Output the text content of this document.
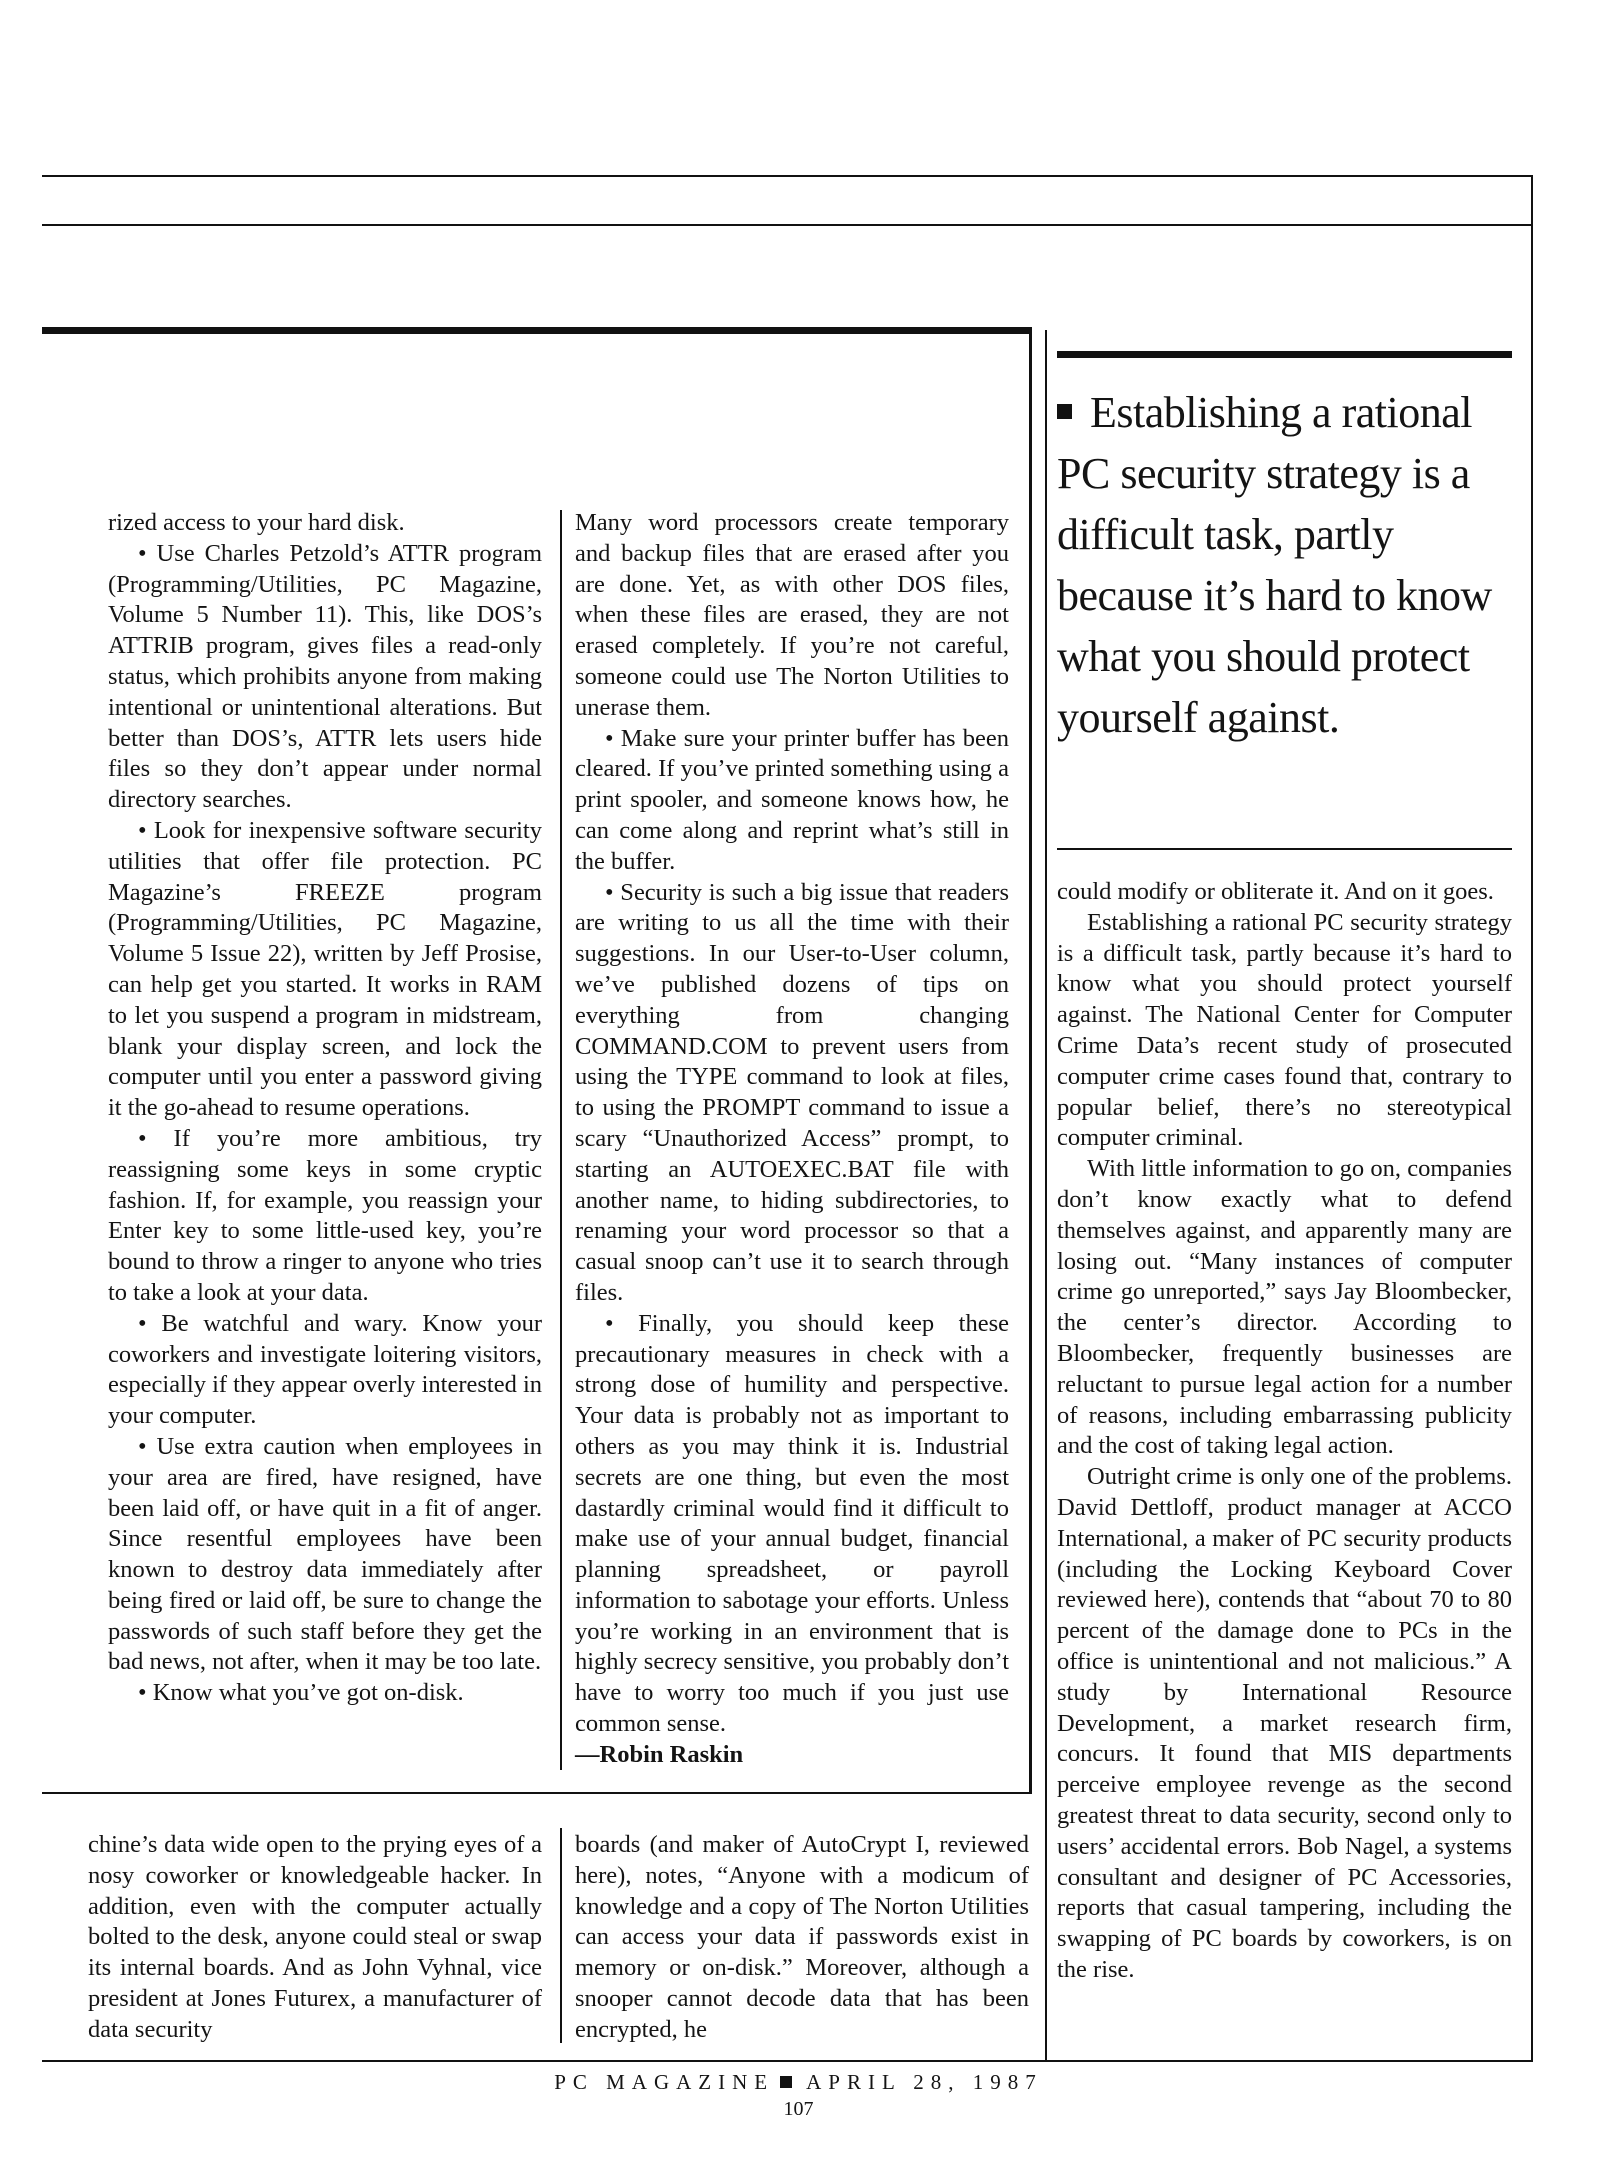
Establishing a rational PC security strategy is a difficult task, partly because it’s hard to know what you should protect yourself against.

rized access to your hard disk.

• Use Charles Petzold’s ATTR program (Programming/Utilities, PC Magazine, Volume 5 Number 11). This, like DOS’s ATTRIB program, gives files a read-only status, which prohibits anyone from making intentional or unintentional alterations. But better than DOS’s, ATTR lets users hide files so they don’t appear under normal directory searches.

• Look for inexpensive software security utilities that offer file protection. PC Magazine’s FREEZE program (Programming/Utilities, PC Magazine, Volume 5 Issue 22), written by Jeff Prosise, can help get you started. It works in RAM to let you suspend a program in midstream, blank your display screen, and lock the computer until you enter a password giving it the go-ahead to resume operations.

• If you’re more ambitious, try reassigning some keys in some cryptic fashion. If, for example, you reassign your Enter key to some little-used key, you’re bound to throw a ringer to anyone who tries to take a look at your data.

• Be watchful and wary. Know your coworkers and investigate loitering visitors, especially if they appear overly interested in your computer.

• Use extra caution when employees in your area are fired, have resigned, have been laid off, or have quit in a fit of anger. Since resentful employees have been known to destroy data immediately after being fired or laid off, be sure to change the passwords of such staff before they get the bad news, not after, when it may be too late.

• Know what you’ve got on-disk.

Many word processors create temporary and backup files that are erased after you are done. Yet, as with other DOS files, when these files are erased, they are not erased completely. If you’re not careful, someone could use The Norton Utilities to unerase them.

• Make sure your printer buffer has been cleared. If you’ve printed something using a print spooler, and someone knows how, he can come along and reprint what’s still in the buffer.

• Security is such a big issue that readers are writing to us all the time with their suggestions. In our User-to-User column, we’ve published dozens of tips on everything from changing COMMAND.COM to prevent users from using the TYPE command to look at files, to using the PROMPT command to issue a scary “Unauthorized Access” prompt, to starting an AUTOEXEC.BAT file with another name, to hiding subdirectories, to renaming your word processor so that a casual snoop can’t use it to search through files.

• Finally, you should keep these precautionary measures in check with a strong dose of humility and perspective. Your data is probably not as important to others as you may think it is. Industrial secrets are one thing, but even the most dastardly criminal would find it difficult to make use of your annual budget, financial planning spreadsheet, or payroll information to sabotage your efforts. Unless you’re working in an environment that is highly secrecy sensitive, you probably don’t have to worry too much if you just use common sense.

—Robin Raskin

could modify or obliterate it. And on it goes.

Establishing a rational PC security strategy is a difficult task, partly because it’s hard to know what you should protect yourself against. The National Center for Computer Crime Data’s recent study of prosecuted computer crime cases found that, contrary to popular belief, there’s no stereotypical computer criminal.

With little information to go on, companies don’t know exactly what to defend themselves against, and apparently many are losing out. “Many instances of computer crime go unreported,” says Jay Bloombecker, the center’s director. According to Bloombecker, frequently businesses are reluctant to pursue legal action for a number of reasons, including embarrassing publicity and the cost of taking legal action.

Outright crime is only one of the problems. David Dettloff, product manager at ACCO International, a maker of PC security products (including the Locking Keyboard Cover reviewed here), contends that “about 70 to 80 percent of the damage done to PCs in the office is unintentional and not malicious.” A study by International Resource Development, a market research firm, concurs. It found that MIS departments perceive employee revenge as the second greatest threat to data security, second only to users’ accidental errors. Bob Nagel, a systems consultant and designer of PC Accessories, reports that casual tampering, including the swapping of PC boards by coworkers, is on the rise.

chine’s data wide open to the prying eyes of a nosy coworker or knowledgeable hacker. In addition, even with the computer actually bolted to the desk, anyone could steal or swap its internal boards. And as John Vyhnal, vice president at Jones Futurex, a manufacturer of data security

boards (and maker of AutoCrypt I, reviewed here), notes, “Anyone with a modicum of knowledge and a copy of The Norton Utilities can access your data if passwords exist in memory or on-disk.” Moreover, although a snooper cannot decode data that has been encrypted, he

PC MAGAZINE APRIL 28, 1987
107
